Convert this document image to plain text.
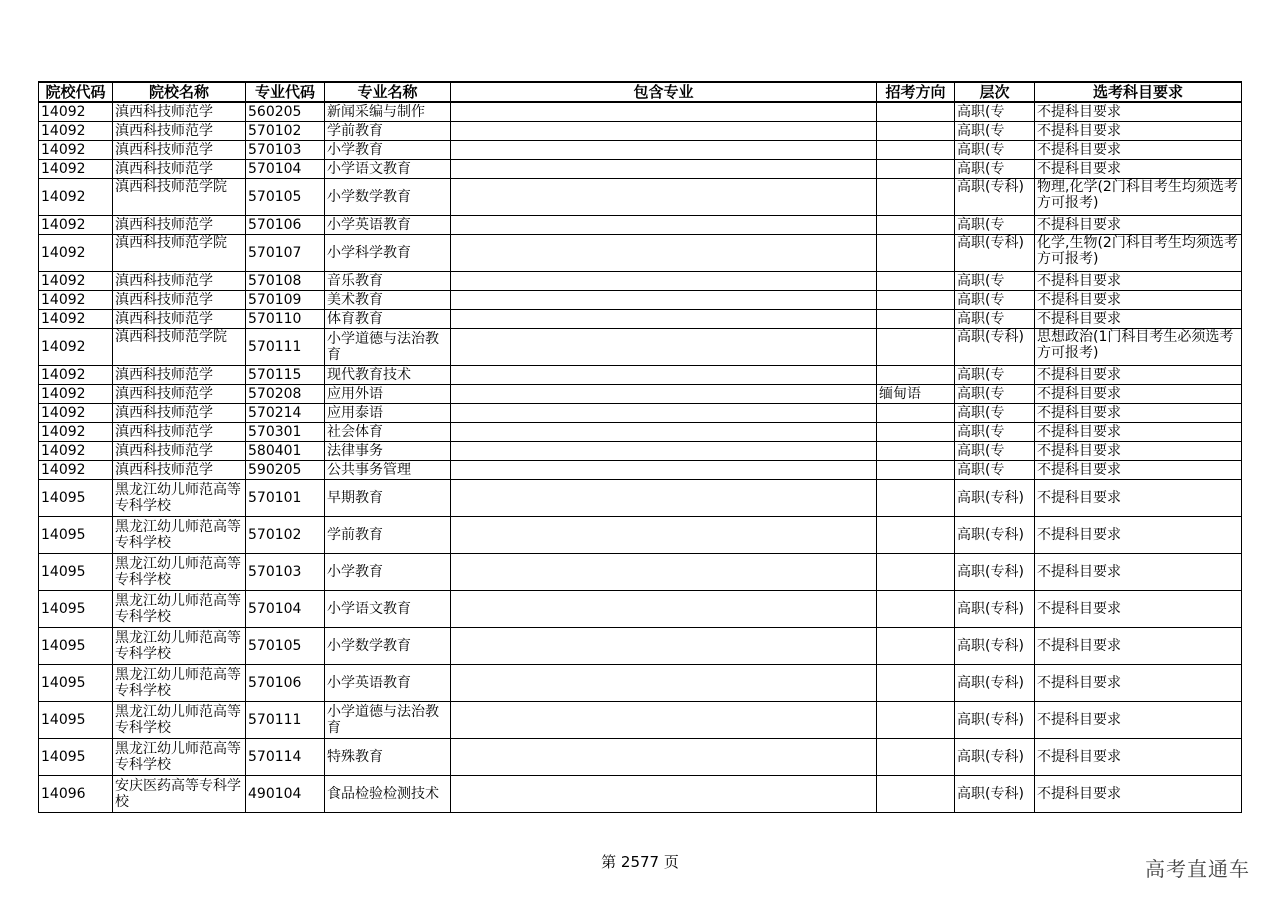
院校代码	院校名称	专业代码	专业名称	包含专业	招考方向	层次	选考科目要求
14092	滇西科技师范学	560205	新闻采编与制作			高职(专	不提科目要求
14092	滇西科技师范学	570102	学前教育			高职(专	不提科目要求
14092	滇西科技师范学	570103	小学教育			高职(专	不提科目要求
14092	滇西科技师范学	570104	小学语文教育			高职(专	不提科目要求
14092	滇西科技师范学院	570105	小学数学教育			高职(专科)	物理,化学(2门科目考生均须选考方可报考)
14092	滇西科技师范学	570106	小学英语教育			高职(专	不提科目要求
14092	滇西科技师范学院	570107	小学科学教育			高职(专科)	化学,生物(2门科目考生均须选考方可报考)
14092	滇西科技师范学	570108	音乐教育			高职(专	不提科目要求
14092	滇西科技师范学	570109	美术教育			高职(专	不提科目要求
14092	滇西科技师范学	570110	体育教育			高职(专	不提科目要求
14092	滇西科技师范学院	570111	小学道德与法治教育			高职(专科)	思想政治(1门科目考生必须选考方可报考)
14092	滇西科技师范学	570115	现代教育技术			高职(专	不提科目要求
14092	滇西科技师范学	570208	应用外语		缅甸语	高职(专	不提科目要求
14092	滇西科技师范学	570214	应用泰语			高职(专	不提科目要求
14092	滇西科技师范学	570301	社会体育			高职(专	不提科目要求
14092	滇西科技师范学	580401	法律事务			高职(专	不提科目要求
14092	滇西科技师范学	590205	公共事务管理			高职(专	不提科目要求
14095	黑龙江幼儿师范高等专科学校	570101	早期教育			高职(专科)	不提科目要求
14095	黑龙江幼儿师范高等专科学校	570102	学前教育			高职(专科)	不提科目要求
14095	黑龙江幼儿师范高等专科学校	570103	小学教育			高职(专科)	不提科目要求
14095	黑龙江幼儿师范高等专科学校	570104	小学语文教育			高职(专科)	不提科目要求
14095	黑龙江幼儿师范高等专科学校	570105	小学数学教育			高职(专科)	不提科目要求
14095	黑龙江幼儿师范高等专科学校	570106	小学英语教育			高职(专科)	不提科目要求
14095	黑龙江幼儿师范高等专科学校	570111	小学道德与法治教育			高职(专科)	不提科目要求
14095	黑龙江幼儿师范高等专科学校	570114	特殊教育			高职(专科)	不提科目要求
14096	安庆医药高等专科学校	490104	食品检验检测技术			高职(专科)	不提科目要求
第 2577 页	高考直通车
